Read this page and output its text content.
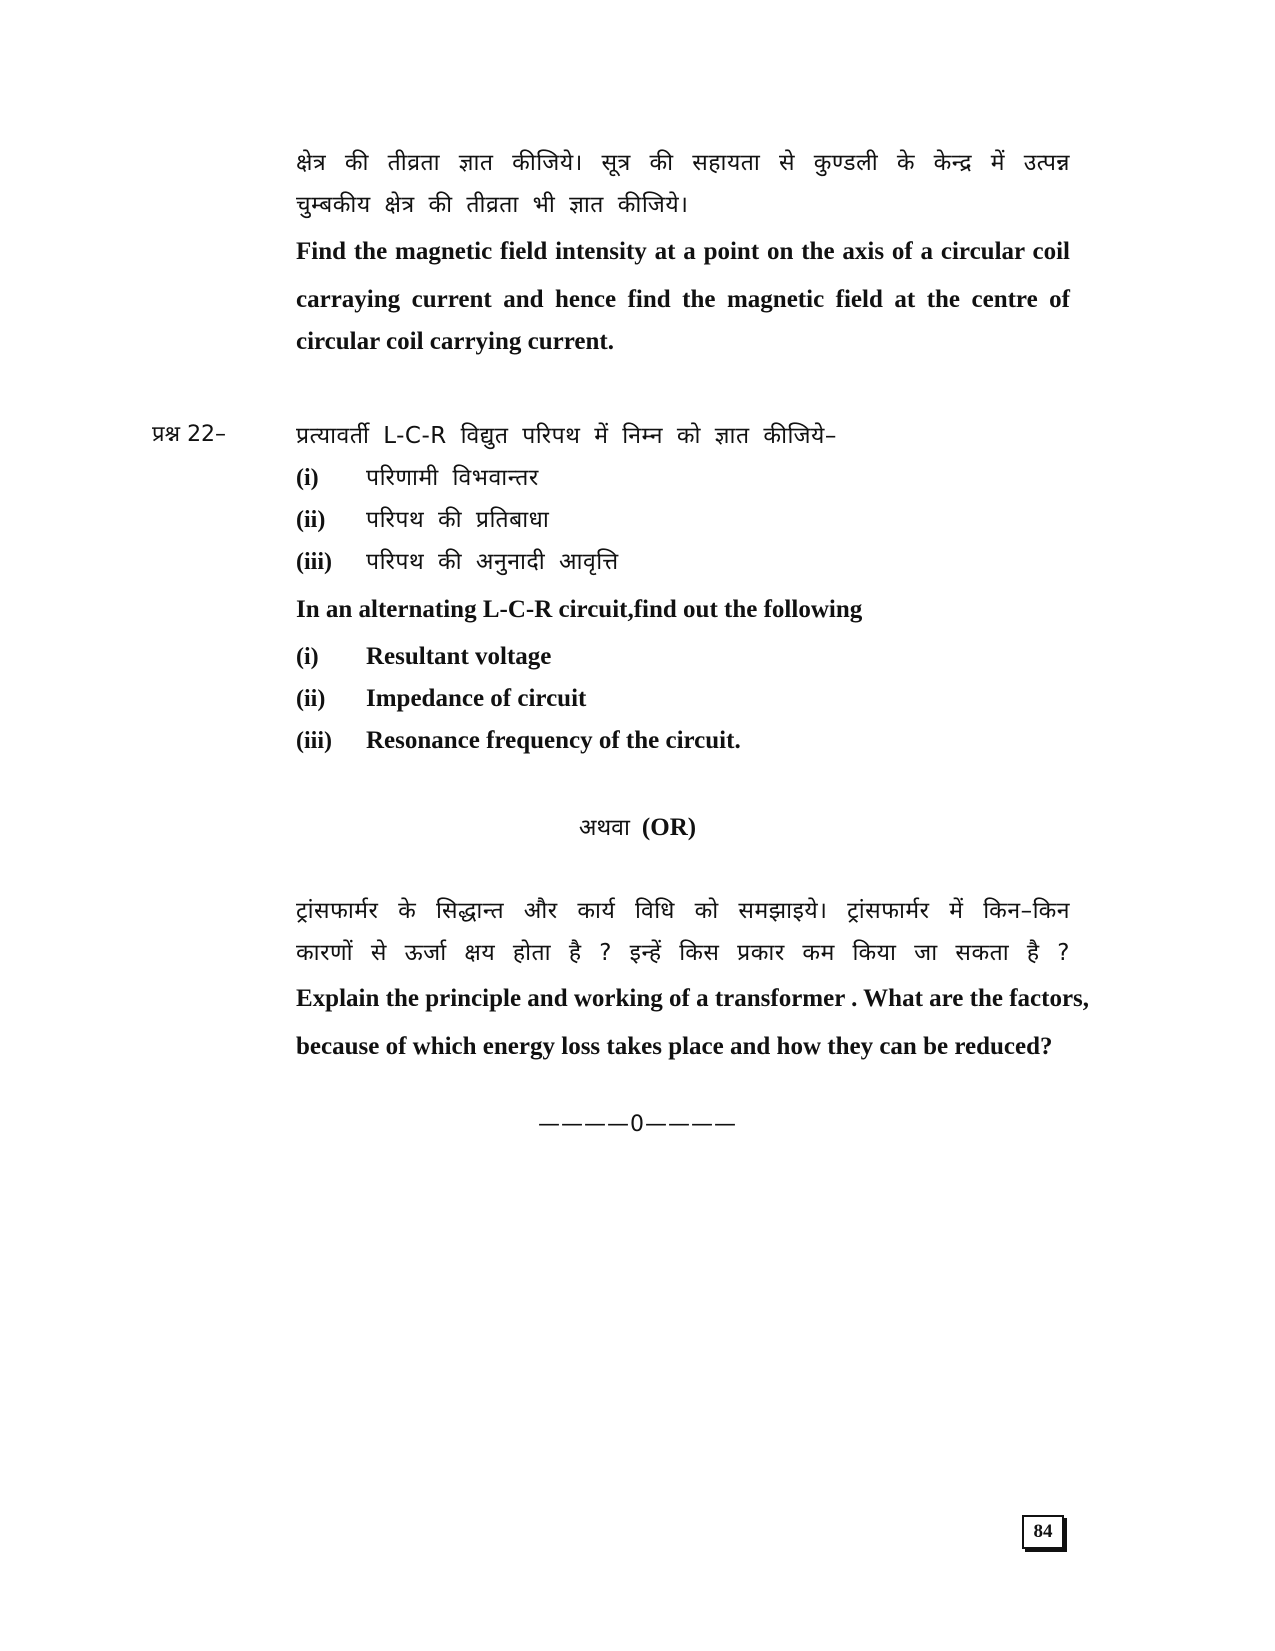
क्षेत्र की तीव्रता ज्ञात कीजिये। सूत्र की सहायता से कुण्डली के केन्द्र में उत्पन्न
चुम्बकीय क्षेत्र की तीव्रता भी ज्ञात कीजिये।
Find the magnetic field intensity at a point on the axis of a circular coil
carraying current and hence find the magnetic field at the centre of
circular coil carrying current.
प्रश्न 22–	प्रत्यावर्ती L-C-R विद्युत परिपथ में निम्न को ज्ञात कीजिये–
(i) परिणामी विभवान्तर
(ii) परिपथ की प्रतिबाधा
(iii) परिपथ की अनुनादी आवृत्ति
In an alternating L-C-R circuit,find out the following
(i) Resultant voltage
(ii) Impedance of circuit
(iii) Resonance frequency of the circuit.
अथवा (OR)
ट्रांसफार्मर के सिद्धान्त और कार्य विधि को समझाइये। ट्रांसफार्मर में किन–किन
कारणों से ऊर्जा क्षय होता है ? इन्हें किस प्रकार कम किया जा सकता है ?
Explain the principle and working of a transformer . What are the factors,
because of which energy loss takes place and how they can be reduced?
————0————
84
